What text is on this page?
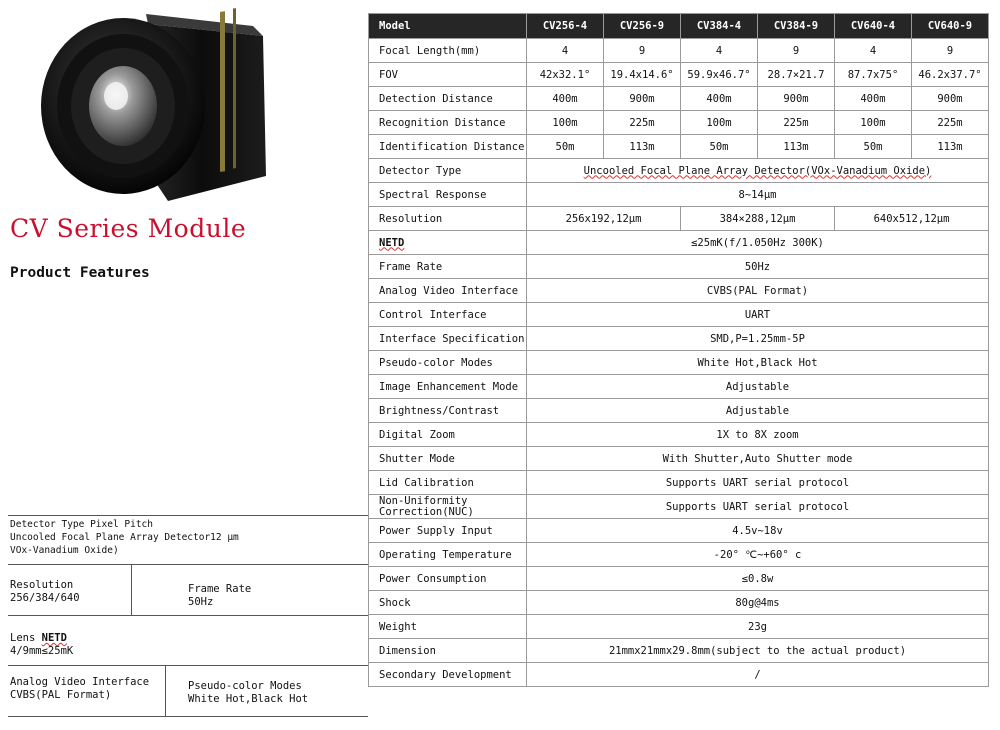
CV Series Module
Product Features
Detector Type Pixel Pitch
Uncooled Focal Plane Array Detector12 μm
VOx-Vanadium Oxide)
Resolution
256/384/640
Frame Rate
50Hz
Lens NETD
4/9mm≤25mK
Analog Video Interface
CVBS(PAL Format)
Pseudo-color Modes
White Hot,Black Hot
Model	CV256-4	CV256-9	CV384-4	CV384-9	CV640-4	CV640-9
Focal Length(mm)	4	9	4	9	4	9
FOV	42x32.1°	19.4x14.6°	59.9x46.7°	28.7×21.7	87.7x75°	46.2x37.7°
Detection Distance	400m	900m	400m	900m	400m	900m
Recognition Distance	100m	225m	100m	225m	100m	225m
Identification Distance	50m	113m	50m	113m	50m	113m
Detector Type	Uncooled Focal Plane Array Detector(VOx-Vanadium Oxide)					
Spectral Response	8~14μm					
Resolution	256x192,12μm		384×288,12μm		640x512,12μm	
NETD	≤25mK(f/1.050Hz 300K)					
Frame Rate	50Hz					
Analog Video Interface	CVBS(PAL Format)					
Control Interface	UART					
Interface Specification	SMD,P=1.25mm-5P					
Pseudo-color Modes	White Hot,Black Hot					
Image Enhancement Mode	Adjustable					
Brightness/Contrast	Adjustable					
Digital Zoom	1X to 8X zoom					
Shutter Mode	With Shutter,Auto Shutter mode					
Lid Calibration	Supports UART serial protocol					
Non-Uniformity Correction(NUC)	Supports UART serial protocol					
Power Supply Input	4.5v~18v					
Operating Temperature	-20° ℃~+60° c					
Power Consumption	≤0.8w					
Shock	80g@4ms					
Weight	23g					
Dimension	21mmx21mmx29.8mm(subject to the actual product)					
Secondary Development	/					
